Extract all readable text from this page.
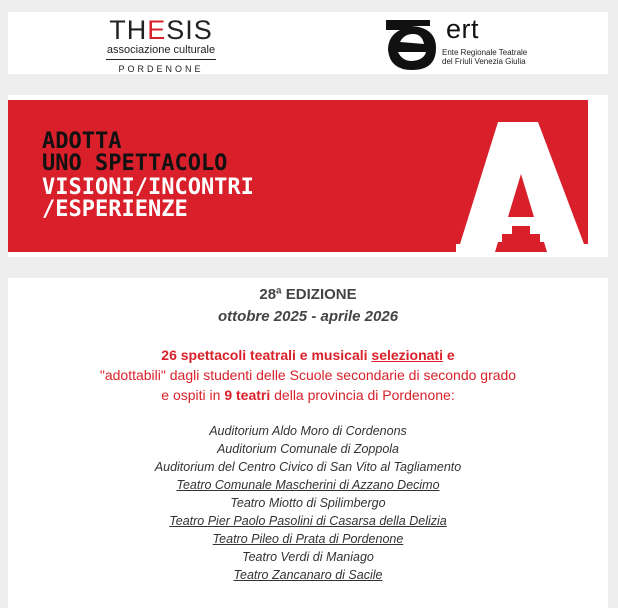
THESIS
associazione culturale
PORDENONE
ert
Ente Regionale Teatrale
del Friuli Venezia Giulia
ADOTTA
UNO SPETTACOLO
VISIONI/INCONTRI
/ESPERIENZE
28ª EDIZIONE
ottobre 2025 - aprile 2026
26 spettacoli teatrali e musicali selezionati e
"adottabili" dagli studenti delle Scuole secondarie di secondo grado
e ospiti in 9 teatri della provincia di Pordenone:
Auditorium Aldo Moro di Cordenons
Auditorium Comunale di Zoppola
Auditorium del Centro Civico di San Vito al Tagliamento
Teatro Comunale Mascherini di Azzano Decimo
Teatro Miotto di Spilimbergo
Teatro Pier Paolo Pasolini di Casarsa della Delizia
Teatro Pileo di Prata di Pordenone
Teatro Verdi di Maniago
Teatro Zancanaro di Sacile
